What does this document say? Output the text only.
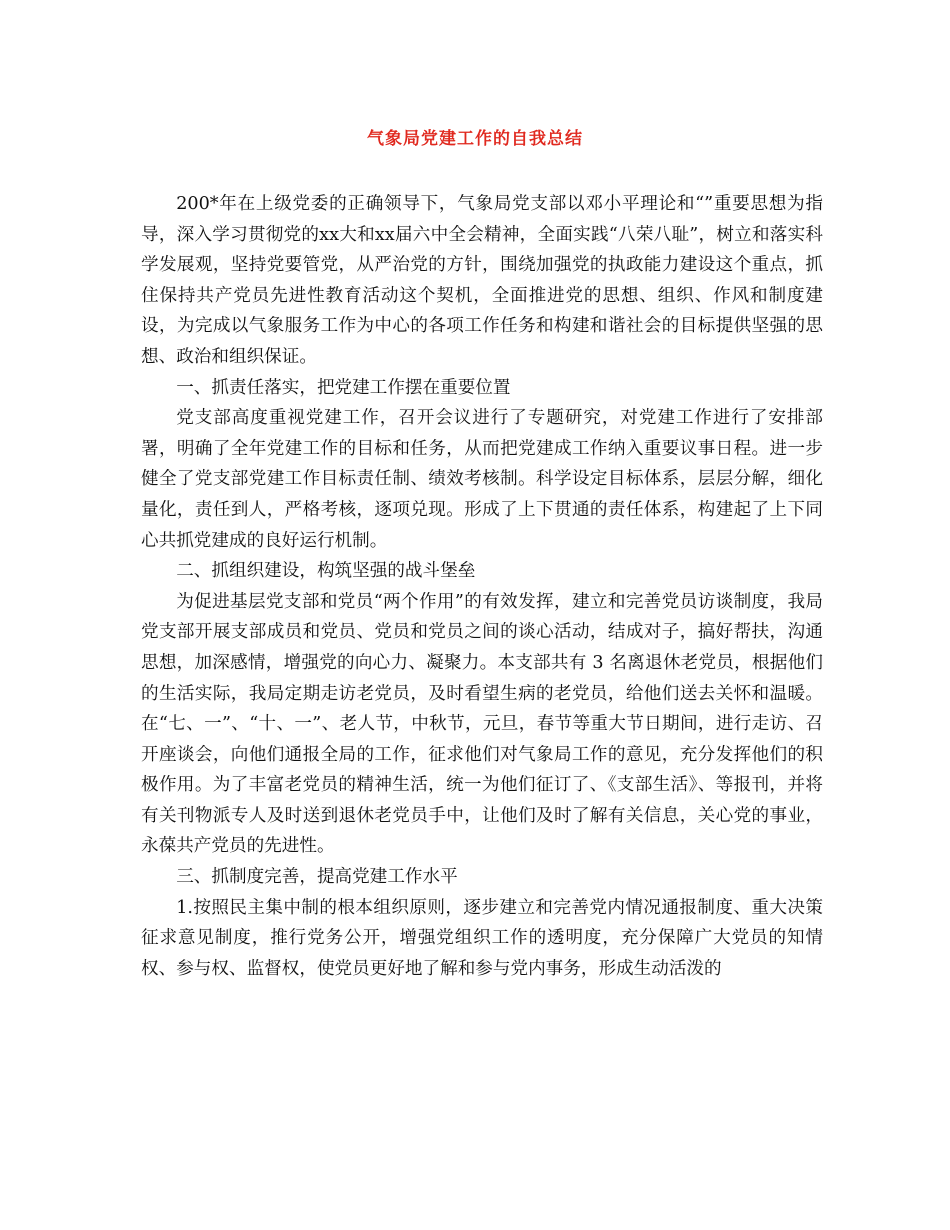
气象局党建工作的自我总结

200*年在上级党委的正确领导下，气象局党支部以邓小平理论和“”重要思想为指导，深入学习贯彻党的xx大和xx届六中全会精神，全面实践“八荣八耻”，树立和落实科学发展观，坚持党要管党，从严治党的方针，围绕加强党的执政能力建设这个重点，抓住保持共产党员先进性教育活动这个契机，全面推进党的思想、组织、作风和制度建设，为完成以气象服务工作为中心的各项工作任务和构建和谐社会的目标提供坚强的思想、政治和组织保证。

一、抓责任落实，把党建工作摆在重要位置

党支部高度重视党建工作，召开会议进行了专题研究，对党建工作进行了安排部署，明确了全年党建工作的目标和任务，从而把党建成工作纳入重要议事日程。进一步健全了党支部党建工作目标责任制、绩效考核制。科学设定目标体系，层层分解，细化量化，责任到人，严格考核，逐项兑现。形成了上下贯通的责任体系，构建起了上下同心共抓党建成的良好运行机制。

二、抓组织建设，构筑坚强的战斗堡垒

为促进基层党支部和党员“两个作用”的有效发挥，建立和完善党员访谈制度，我局党支部开展支部成员和党员、党员和党员之间的谈心活动，结成对子，搞好帮扶，沟通思想，加深感情，增强党的向心力、凝聚力。本支部共有 3 名离退休老党员，根据他们的生活实际，我局定期走访老党员，及时看望生病的老党员，给他们送去关怀和温暖。在“七、一”、“十、一”、老人节，中秋节，元旦，春节等重大节日期间，进行走访、召开座谈会，向他们通报全局的工作，征求他们对气象局工作的意见，充分发挥他们的积极作用。为了丰富老党员的精神生活，统一为他们征订了、《支部生活》、等报刊，并将有关刊物派专人及时送到退休老党员手中，让他们及时了解有关信息，关心党的事业，永葆共产党员的先进性。

三、抓制度完善，提高党建工作水平

1.按照民主集中制的根本组织原则，逐步建立和完善党内情况通报制度、重大决策征求意见制度，推行党务公开，增强党组织工作的透明度，充分保障广大党员的知情权、参与权、监督权，使党员更好地了解和参与党内事务，形成生动活泼的
